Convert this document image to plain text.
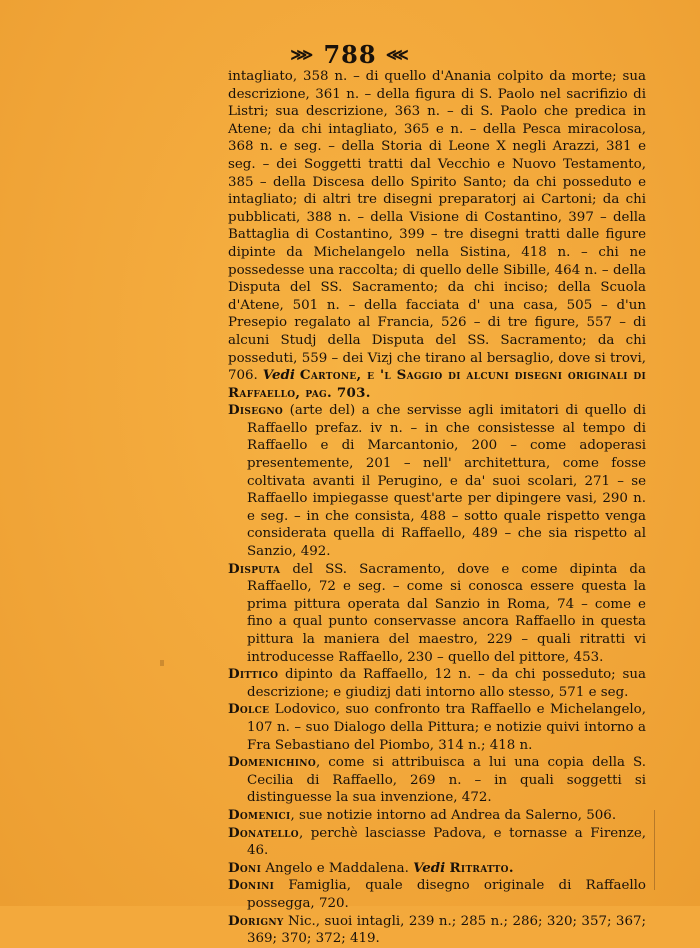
⋙ 788 ⋘

intagliato, 358 n. – di quello d'Anania colpito da morte; sua descrizione, 361 n. – della figura di S. Paolo nel sacrifizio di Listri; sua descrizione, 363 n. – di S. Paolo che predica in Atene; da chi intagliato, 365 e n. – della Pesca miracolosa, 368 n. e seg. – della Storia di Leone X negli Arazzi, 381 e seg. – dei Soggetti tratti dal Vecchio e Nuovo Testamento, 385 – della Discesa dello Spirito Santo; da chi posseduto e intagliato; di altri tre disegni preparatorj ai Cartoni; da chi pubblicati, 388 n. – della Visione di Costantino, 397 – della Battaglia di Costantino, 399 – tre disegni tratti dalle figure dipinte da Michelangelo nella Sistina, 418 n. – chi ne possedesse una raccolta; di quello delle Sibille, 464 n. – della Disputa del SS. Sacramento; da chi inciso; della Scuola d'Atene, 501 n. – della facciata d' una casa, 505 – d'un Presepio regalato al Francia, 526 – di tre figure, 557 – di alcuni Studj della Disputa del SS. Sacramento; da chi posseduti, 559 – dei Vizj che tirano al bersaglio, dove si trovi, 706. Vedi Cartone, e 'l Saggio di alcuni disegni originali di Raffaello, pag. 703.

Disegno (arte del) a che servisse agli imitatori di quello di Raffaello prefaz. iv n. – in che consistesse al tempo di Raffaello e di Marcantonio, 200 – come adoperasi presentemente, 201 – nell' architettura, come fosse coltivata avanti il Perugino, e da' suoi scolari, 271 – se Raffaello impiegasse quest'arte per dipingere vasi, 290 n. e seg. – in che consista, 488 – sotto quale rispetto venga considerata quella di Raffaello, 489 – che sia rispetto al Sanzio, 492.

Disputa del SS. Sacramento, dove e come dipinta da Raffaello, 72 e seg. – come si conosca essere questa la prima pittura operata dal Sanzio in Roma, 74 – come e fino a qual punto conservasse ancora Raffaello in questa pittura la maniera del maestro, 229 – quali ritratti vi introducesse Raffaello, 230 – quello del pittore, 453.

Dittico dipinto da Raffaello, 12 n. – da chi posseduto; sua descrizione; e giudizj dati intorno allo stesso, 571 e seg.

Dolce Lodovico, suo confronto tra Raffaello e Michelangelo, 107 n. – suo Dialogo della Pittura; e notizie quivi intorno a Fra Sebastiano del Piombo, 314 n.; 418 n.

Domenichino, come si attribuisca a lui una copia della S. Cecilia di Raffaello, 269 n. – in quali soggetti si distinguesse la sua invenzione, 472.

Domenici, sue notizie intorno ad Andrea da Salerno, 506.

Donatello, perchè lasciasse Padova, e tornasse a Firenze, 46.

Doni Angelo e Maddalena. Vedi Ritratto.

Donini Famiglia, quale disegno originale di Raffaello posseggа, 720.

Dorigny Nic., suoi intagli, 239 n.; 285 n.; 286; 320; 357; 367; 369; 370; 372; 419.
